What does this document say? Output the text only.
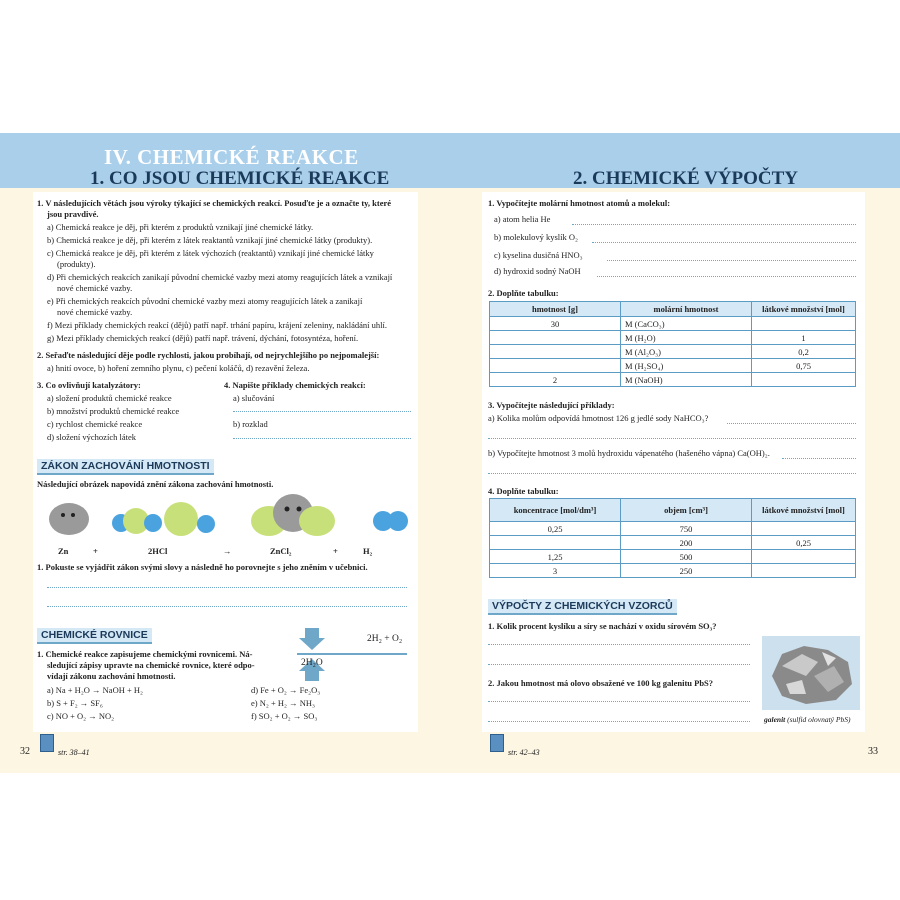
IV. CHEMICKÉ REAKCE
1. CO JSOU CHEMICKÉ REAKCE	2. CHEMICKÉ VÝPOČTY
1. V následujících větách jsou výroky týkající se chemických reakcí. Posuďte je a označte ty, které
jsou pravdivé.
a) Chemická reakce je děj, při kterém z produktů vznikají jiné chemické látky.
b) Chemická reakce je děj, při kterém z látek reaktantů vznikají jiné chemické látky (produkty).
c) Chemická reakce je děj, při kterém z látek výchozích (reaktantů) vznikají jiné chemické látky
(produkty).
d) Při chemických reakcích zanikají původní chemické vazby mezi atomy reagujících látek a vznikají
nové chemické vazby.
e) Při chemických reakcích původní chemické vazby mezi atomy reagujících látek a zanikají
nové chemické vazby.
f) Mezi příklady chemických reakcí (dějů) patří např. trhání papíru, krájení zeleniny, nakládání uhlí.
g) Mezi příklady chemických reakcí (dějů) patří např. trávení, dýchání, fotosyntéza, hoření.
2. Seřaďte následující děje podle rychlosti, jakou probíhají, od nejrychlejšího po nejpomalejší:
a) hnití ovoce, b) hoření zemního plynu, c) pečení koláčů, d) rezavění železa.
3. Co ovlivňují katalyzátory:
a) složení produktů chemické reakce
b) množství produktů chemické reakce
c) rychlost chemické reakce
d) složení výchozích látek
4. Napište příklady chemických reakcí:
a) slučování
b) rozklad
ZÁKON ZACHOVÁNÍ HMOTNOSTI
Následující obrázek napovídá znění zákona zachování hmotnosti.
Zn	+	2HCl	→	ZnCl₂	+	H₂
1. Pokuste se vyjádřit zákon svými slovy a následně ho porovnejte s jeho zněním v učebnici.
CHEMICKÉ ROVNICE
1. Chemické reakce zapisujeme chemickými rovnicemi. Ná-
sledující zápisy upravte na chemické rovnice, které odpo-
vídají zákonu zachování hmotnosti.
2H₂ + O₂
2H₂O
a) Na + H₂O → NaOH + H₂
b) S + F₂ → SF₆
c) NO + O₂ → NO₂
d) Fe + O₂ → Fe₂O₃
e) N₂ + H₂ → NH₃
f) SO₂ + O₂ → SO₃
32	str. 38–41
1. Vypočítejte molární hmotnost atomů a molekul:
a) atom helia He
b) molekulový kyslík O₂
c) kyselina dusičná HNO₃
d) hydroxid sodný NaOH
2. Doplňte tabulku:
hmotnost [g]	molární hmotnost	látkové množství [mol]
30	M (CaCO₃)	
	M (H₂O)	1
	M (Al₂O₃)	0,2
	M (H₂SO₄)	0,75
2	M (NaOH)	
3. Vypočítejte následující příklady:
a) Kolika molům odpovídá hmotnost 126 g jedlé sody NaHCO₃?
b) Vypočítejte hmotnost 3 molů hydroxidu vápenatého (hašeného vápna) Ca(OH)₂.
4. Doplňte tabulku:
koncentrace [mol/dm³]	objem [cm³]	látkové množství [mol]
0,25	750	
	200	0,25
1,25	500	
3	250	
VÝPOČTY Z CHEMICKÝCH VZORCŮ
1. Kolik procent kyslíku a síry se nachází v oxidu sírovém SO₃?
2. Jakou hmotnost má olovo obsažené ve 100 kg galenitu PbS?
galenit (sulfid olovnatý PbS)
str. 42–43	33
